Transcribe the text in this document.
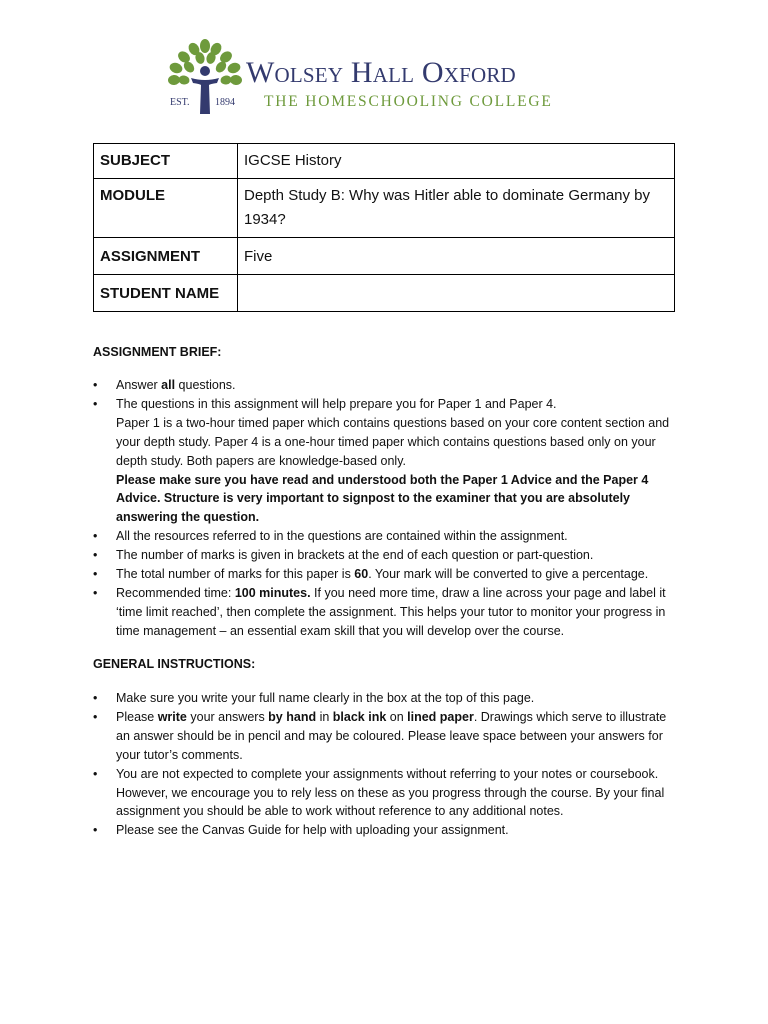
EST.	1894
Wolsey Hall Oxford
THE HOMESCHOOLING COLLEGE
SUBJECT	IGCSE History
MODULE	Depth Study B: Why was Hitler able to dominate Germany by 1934?
ASSIGNMENT	Five
STUDENT NAME	
ASSIGNMENT BRIEF:
• Answer all questions.
• The questions in this assignment will help prepare you for Paper 1 and Paper 4.
Paper 1 is a two-hour timed paper which contains questions based on your core content section and your depth study. Paper 4 is a one-hour timed paper which contains questions based only on your depth study. Both papers are knowledge-based only.
Please make sure you have read and understood both the Paper 1 Advice and the Paper 4 Advice. Structure is very important to signpost to the examiner that you are absolutely answering the question.
• All the resources referred to in the questions are contained within the assignment.
• The number of marks is given in brackets at the end of each question or part-question.
• The total number of marks for this paper is 60. Your mark will be converted to give a percentage.
• Recommended time: 100 minutes. If you need more time, draw a line across your page and label it ‘time limit reached’, then complete the assignment. This helps your tutor to monitor your progress in time management – an essential exam skill that you will develop over the course.
GENERAL INSTRUCTIONS:
• Make sure you write your full name clearly in the box at the top of this page.
• Please write your answers by hand in black ink on lined paper. Drawings which serve to illustrate an answer should be in pencil and may be coloured. Please leave space between your answers for your tutor’s comments.
• You are not expected to complete your assignments without referring to your notes or coursebook. However, we encourage you to rely less on these as you progress through the course. By your final assignment you should be able to work without reference to any additional notes.
• Please see the Canvas Guide for help with uploading your assignment.
